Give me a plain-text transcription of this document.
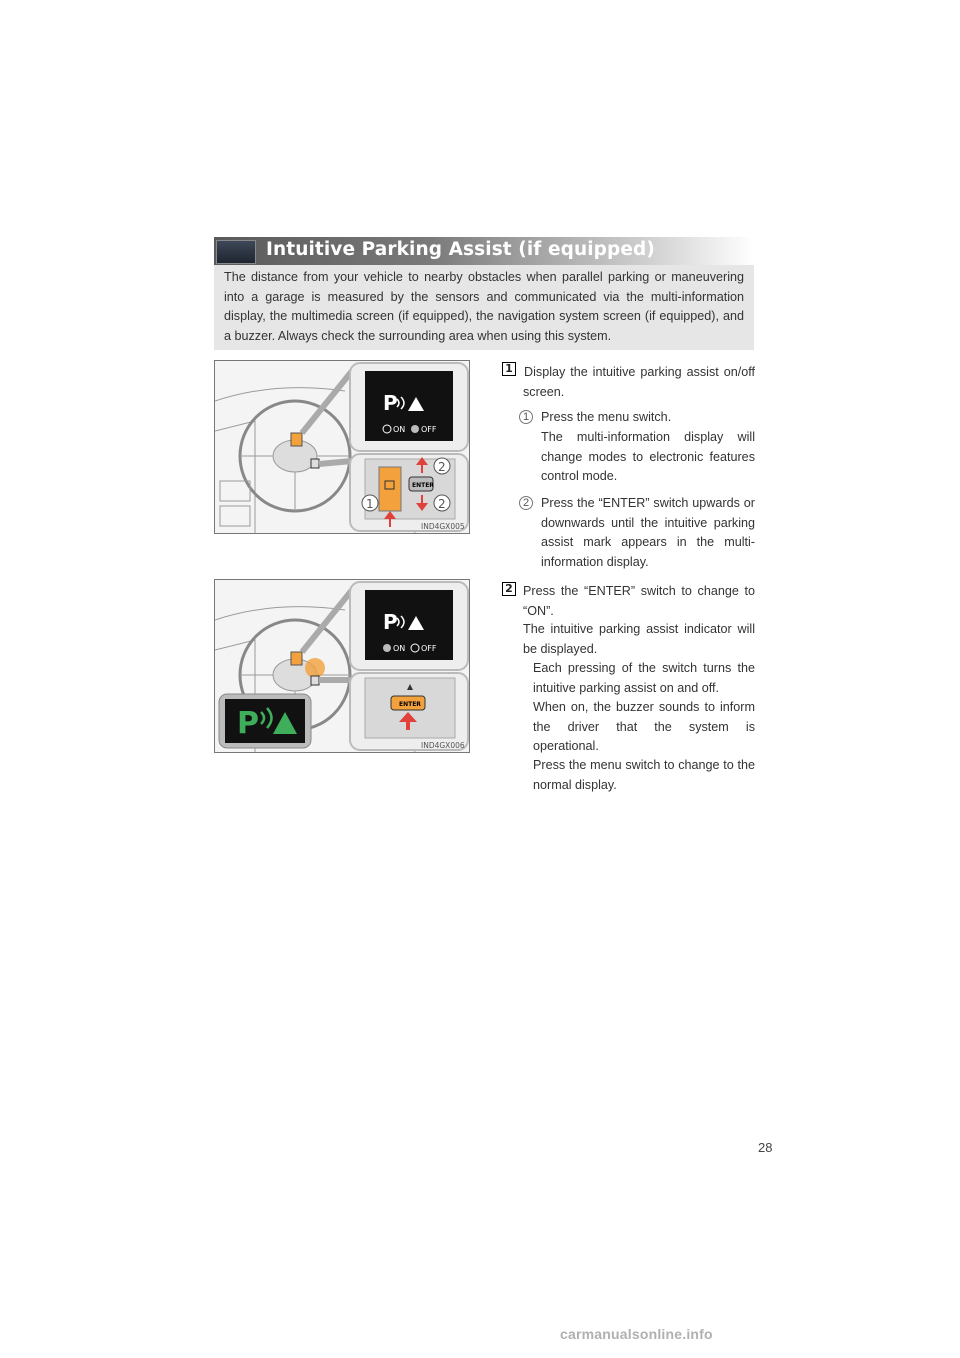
Intuitive Parking Assist (if equipped)
The distance from your vehicle to nearby obstacles when parallel parking or maneuvering into a garage is measured by the sensors and communicated via the multi-information display, the multimedia screen (if equipped), the navigation system screen (if equipped), and a buzzer. Always check the surrounding area when using this system.
P
ON OFF
ENTER
2
1	2
IND4GX005
P
P
ON OFF
ENTER
IND4GX006
1 Display the intuitive parking assist on/off screen.
1 Press the menu switch.
The multi-information display will change modes to electronic features control mode.
2 Press the “ENTER” switch upwards or downwards until the intuitive parking assist mark appears in the multi-information display.
2 Press the “ENTER” switch to change to “ON”.
The intuitive parking assist indicator will be displayed.
Each pressing of the switch turns the intuitive parking assist on and off.
When on, the buzzer sounds to inform the driver that the system is operational.
Press the menu switch to change to the normal display.
28
carmanualsonline.info
